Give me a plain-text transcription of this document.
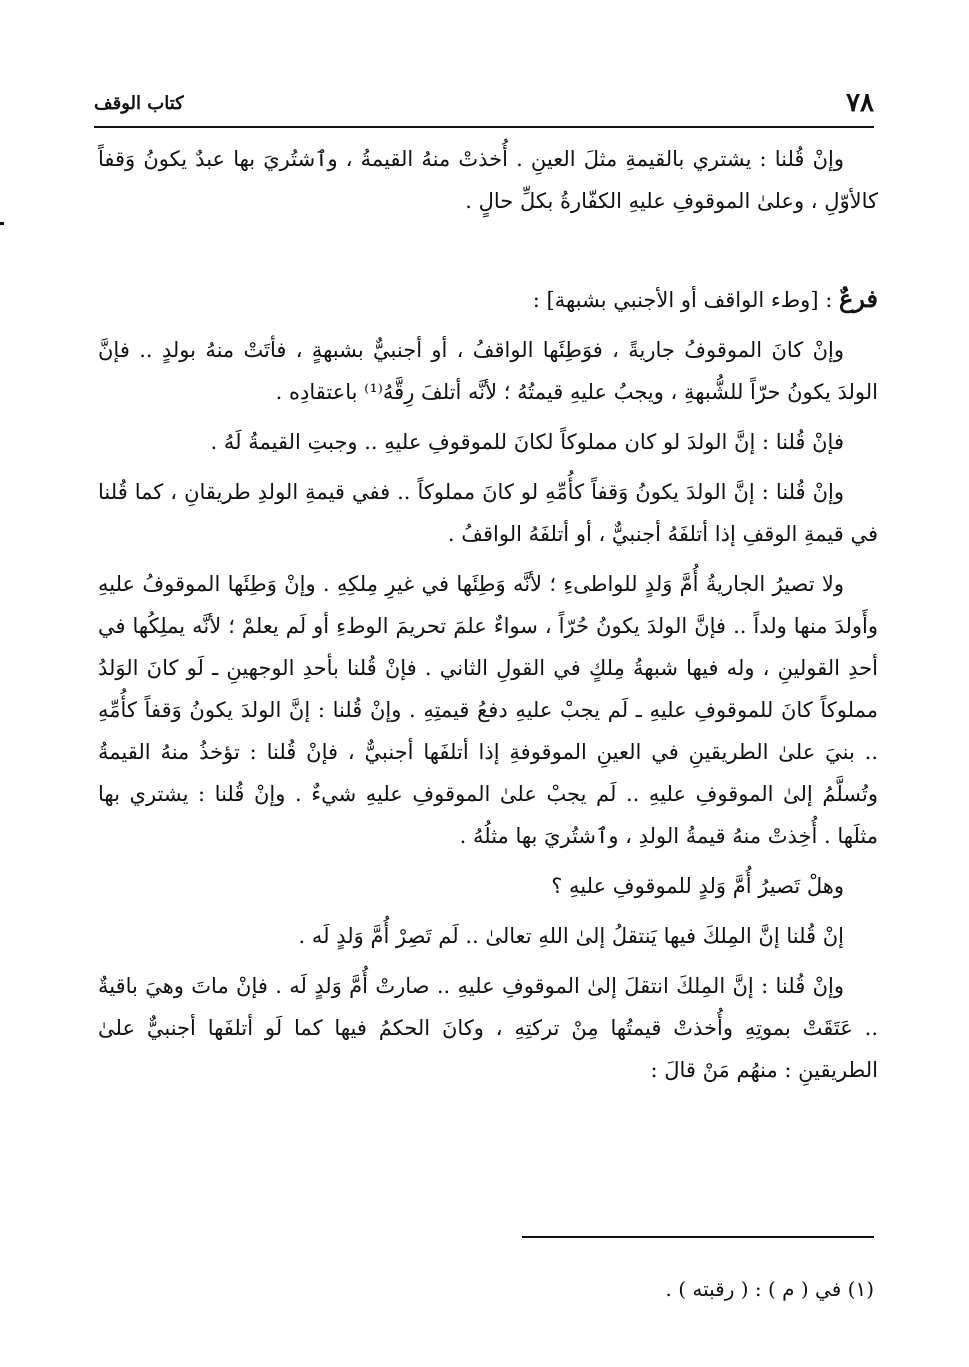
٧٨
كتاب الوقف

وإنْ قُلنا : يشتري بالقيمةِ مثلَ العينِ . أُخذتْ منهُ القيمةُ ، وٱشتُريَ بها عبدٌ يكونُ وَقفاً كالأوّلِ ، وعلىٰ الموقوفِ عليهِ الكفّارةُ بكلِّ حالٍ .

فرعٌ : [وطء الواقف أو الأجنبي بشبهة] :

وإنْ كانَ الموقوفُ جاريةً ، فوَطِئَها الواقفُ ، أو أجنبيٌّ بشبهةٍ ، فأتَتْ منهُ بولدٍ .. فإنَّ الولدَ يكونُ حرّاً للشُّبهةِ ، ويجبُ عليهِ قيمتُهُ ؛ لأنَّه أتلفَ رِقَّهُ⁽¹⁾ باعتقادِه .

فإنْ قُلنا : إنَّ الولدَ لو كان مملوكاً لكانَ للموقوفِ عليهِ .. وجبتِ القيمةُ لَهُ .

وإنْ قُلنا : إنَّ الولدَ يكونُ وَقفاً كأُمِّهِ لو كانَ مملوكاً .. ففي قيمةِ الولدِ طريقانِ ، كما قُلنا في قيمةِ الوقفِ إذا أتلفَهُ أجنبيٌّ ، أو أتلفَهُ الواقفُ .

ولا تصيرُ الجاريةُ أُمَّ وَلدٍ للواطىءِ ؛ لأنَّه وَطِئَها في غيرِ مِلكِهِ . وإنْ وَطِئَها الموقوفُ عليهِ وأَولدَ منها ولداً .. فإنَّ الولدَ يكونُ حُرّاً ، سواءٌ علمَ تحريمَ الوطءِ أو لَم يعلمْ ؛ لأنَّه يملِكُها في أحدِ القولينِ ، وله فيها شبهةُ مِلكٍ في القولِ الثاني . فإنْ قُلنا بأحدِ الوجهينِ ـ لَو كانَ الوَلدُ مملوكاً كانَ للموقوفِ عليهِ ـ لَم يجبْ عليهِ دفعُ قيمتِهِ . وإنْ قُلنا : إنَّ الولدَ يكونُ وَقفاً كأُمِّهِ .. بنيَ علىٰ الطريقينِ في العينِ الموقوفةِ إذا أتلفَها أجنبيٌّ ، فإنْ قُلنا : تؤخذُ منهُ القيمةُ وتُسلَّمُ إلىٰ الموقوفِ عليهِ .. لَم يجبْ علىٰ الموقوفِ عليهِ شيءٌ . وإنْ قُلنا : يشتري بها مثلَها . أُخِذتْ منهُ قيمةُ الولدِ ، وٱشتُريَ بها مثلُهُ .

وهلْ تَصيرُ أُمَّ وَلدٍ للموقوفِ عليهِ ؟

إنْ قُلنا إنَّ المِلكَ فيها يَنتقلُ إلىٰ اللهِ تعالىٰ .. لَم تَصِرْ أُمَّ وَلدٍ لَه .

وإنْ قُلنا : إنَّ المِلكَ انتقلَ إلىٰ الموقوفِ عليهِ .. صارتْ أُمَّ وَلدٍ لَه . فإنْ ماتَ وهيَ باقيةٌ .. عَتَقَتْ بموتِهِ وأُخذتْ قيمتُها مِنْ تركتِهِ ، وكانَ الحكمُ فيها كما لَو أتلفَها أجنبيٌّ علىٰ الطريقينِ : منهُم مَنْ قالَ :

(١) في ( م ) : ( رقبته ) .
